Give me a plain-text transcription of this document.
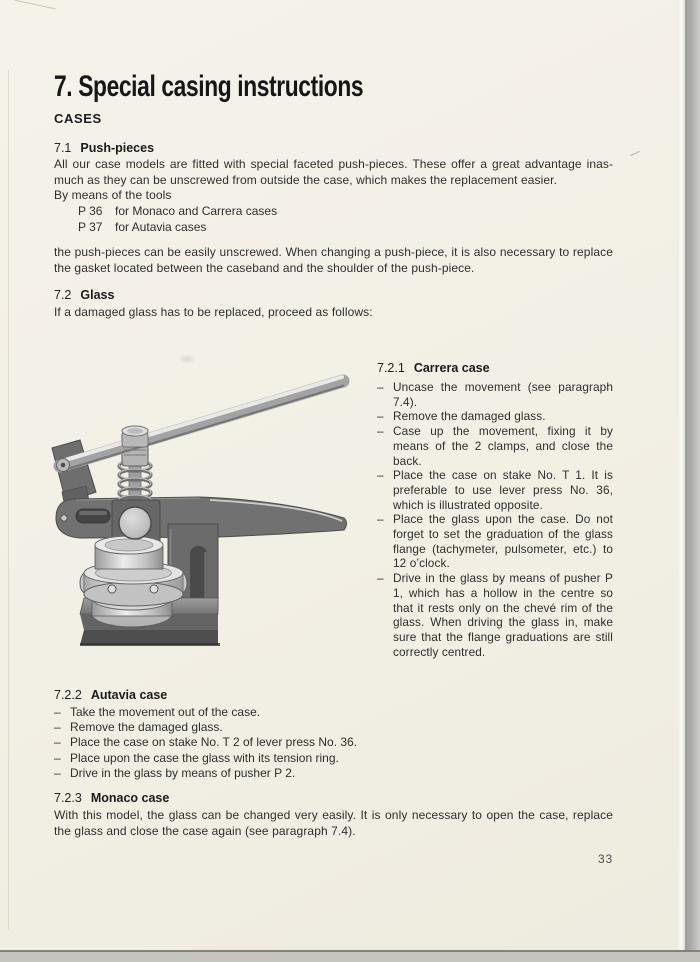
7. Special casing instructions
CASES
7.1 Push-pieces
All our case models are fitted with special faceted push-pieces. These offer a great advantage inasmuch as they can be unscrewed from outside the case, which makes the replacement easier.
By means of the tools
P 36 for Monaco and Carrera cases
P 37 for Autavia cases
the push-pieces can be easily unscrewed. When changing a push-piece, it is also necessary to replace the gasket located between the caseband and the shoulder of the push-piece.
7.2 Glass
If a damaged glass has to be replaced, proceed as follows:
7.2.1 Carrera case
– Uncase the movement (see paragraph 7.4).
– Remove the damaged glass.
– Case up the movement, fixing it by means of the 2 clamps, and close the back.
– Place the case on stake No. T 1. It is preferable to use lever press No. 36, which is illustrated opposite.
– Place the glass upon the case. Do not forget to set the graduation of the glass flange (tachymeter, pulsometer, etc.) to 12 o’clock.
– Drive in the glass by means of pusher P 1, which has a hollow in the centre so that it rests only on the chevé rim of the glass. When driving the glass in, make sure that the flange graduations are still correctly centred.
7.2.2 Autavia case
– Take the movement out of the case.
– Remove the damaged glass.
– Place the case on stake No. T 2 of lever press No. 36.
– Place upon the case the glass with its tension ring.
– Drive in the glass by means of pusher P 2.
7.2.3 Monaco case
With this model, the glass can be changed very easily. It is only necessary to open the case, replace the glass and close the case again (see paragraph 7.4).
33
